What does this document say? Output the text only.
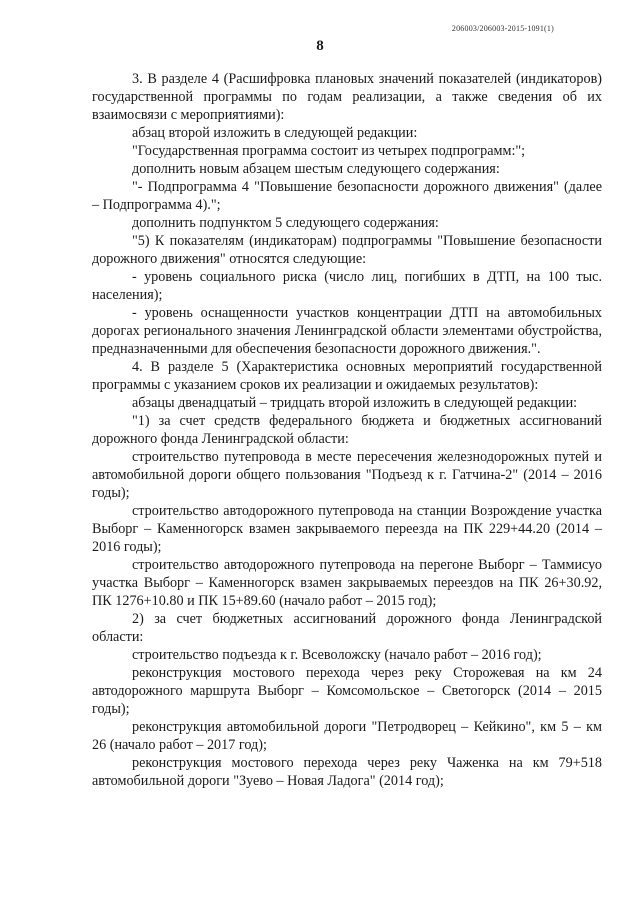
206003/206003-2015-1091(1)
8

3. В разделе 4 (Расшифровка плановых значений показателей (индикаторов) государственной программы по годам реализации, а также сведения об их взаимосвязи с мероприятиями):

абзац второй изложить в следующей редакции:

"Государственная программа состоит из четырех подпрограмм:";

дополнить новым абзацем шестым следующего содержания:

"- Подпрограмма 4 "Повышение безопасности дорожного движения" (далее – Подпрограмма 4).";

дополнить подпунктом 5 следующего содержания:

"5) К показателям (индикаторам) подпрограммы "Повышение безопасности дорожного движения" относятся следующие:

- уровень социального риска (число лиц, погибших в ДТП, на 100 тыс. населения);

- уровень оснащенности участков концентрации ДТП на автомобильных дорогах регионального значения Ленинградской области элементами обустройства, предназначенными для обеспечения безопасности дорожного движения.".

4. В разделе 5 (Характеристика основных мероприятий государственной программы с указанием сроков их реализации и ожидаемых результатов):

абзацы двенадцатый – тридцать второй изложить в следующей редакции:

"1) за счет средств федерального бюджета и бюджетных ассигнований дорожного фонда Ленинградской области:

строительство путепровода в месте пересечения железнодорожных путей и автомобильной дороги общего пользования "Подъезд к г. Гатчина-2" (2014 – 2016 годы);

строительство автодорожного путепровода на станции Возрождение участка Выборг – Каменногорск взамен закрываемого переезда на ПК 229+44.20 (2014 – 2016 годы);

строительство автодорожного путепровода на перегоне Выборг – Таммисуо участка Выборг – Каменногорск взамен закрываемых переездов на ПК 26+30.92, ПК 1276+10.80 и ПК 15+89.60 (начало работ – 2015 год);

2) за счет бюджетных ассигнований дорожного фонда Ленинградской области:

строительство подъезда к г. Всеволожску (начало работ – 2016 год);

реконструкция мостового перехода через реку Сторожевая на км 24 автодорожного маршрута Выборг – Комсомольское – Светогорск (2014 – 2015 годы);

реконструкция автомобильной дороги "Петродворец – Кейкино", км 5 – км 26 (начало работ – 2017 год);

реконструкция мостового перехода через реку Чаженка на км 79+518 автомобильной дороги "Зуево – Новая Ладога" (2014 год);
